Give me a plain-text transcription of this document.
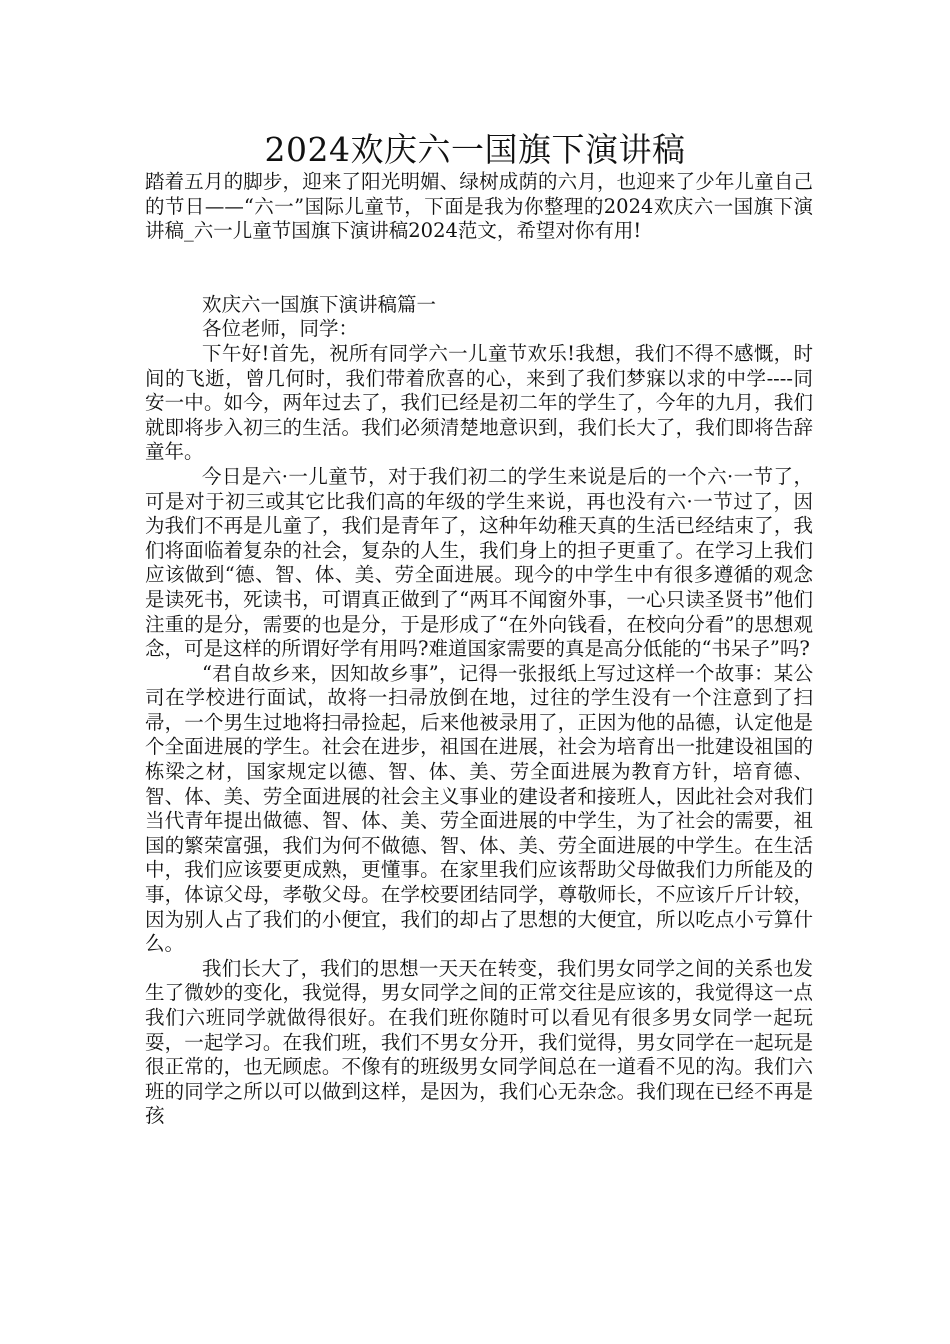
2024欢庆六一国旗下演讲稿

踏着五月的脚步，迎来了阳光明媚、绿树成荫的六月，也迎来了少年儿童自己的节日——“六一”国际儿童节，下面是我为你整理的2024欢庆六一国旗下演讲稿_六一儿童节国旗下演讲稿2024范文，希望对你有用!

欢庆六一国旗下演讲稿篇一

各位老师，同学：

下午好!首先，祝所有同学六一儿童节欢乐!我想，我们不得不感慨，时间的飞逝，曾几何时，我们带着欣喜的心，来到了我们梦寐以求的中学----同安一中。如今，两年过去了，我们已经是初二年的学生了，今年的九月，我们就即将步入初三的生活。我们必须清楚地意识到，我们长大了，我们即将告辞童年。

今日是六·一儿童节，对于我们初二的学生来说是后的一个六·一节了，可是对于初三或其它比我们高的年级的学生来说，再也没有六·一节过了，因为我们不再是儿童了，我们是青年了，这种年幼稚天真的生活已经结束了，我们将面临着复杂的社会，复杂的人生，我们身上的担子更重了。在学习上我们应该做到“德、智、体、美、劳全面进展。现今的中学生中有很多遵循的观念是读死书，死读书，可谓真正做到了“两耳不闻窗外事，一心只读圣贤书”他们注重的是分，需要的也是分，于是形成了“在外向钱看，在校向分看”的思想观念，可是这样的所谓好学有用吗?难道国家需要的真是高分低能的“书呆子”吗?

“君自故乡来，因知故乡事”，记得一张报纸上写过这样一个故事：某公司在学校进行面试，故将一扫帚放倒在地，过往的学生没有一个注意到了扫帚，一个男生过地将扫帚捡起，后来他被录用了，正因为他的品德，认定他是个全面进展的学生。社会在进步，祖国在进展，社会为培育出一批建设祖国的栋梁之材，国家规定以德、智、体、美、劳全面进展为教育方针，培育德、智、体、美、劳全面进展的社会主义事业的建设者和接班人，因此社会对我们当代青年提出做德、智、体、美、劳全面进展的中学生，为了社会的需要，祖国的繁荣富强，我们为何不做德、智、体、美、劳全面进展的中学生。在生活中，我们应该要更成熟，更懂事。在家里我们应该帮助父母做我们力所能及的事，体谅父母，孝敬父母。在学校要团结同学，尊敬师长，不应该斤斤计较，因为别人占了我们的小便宜，我们的却占了思想的大便宜，所以吃点小亏算什么。

我们长大了，我们的思想一天天在转变，我们男女同学之间的关系也发生了微妙的变化，我觉得，男女同学之间的正常交往是应该的，我觉得这一点我们六班同学就做得很好。在我们班你随时可以看见有很多男女同学一起玩耍，一起学习。在我们班，我们不男女分开，我们觉得，男女同学在一起玩是很正常的，也无顾虑。不像有的班级男女同学间总在一道看不见的沟。我们六班的同学之所以可以做到这样，是因为，我们心无杂念。我们现在已经不再是孩
